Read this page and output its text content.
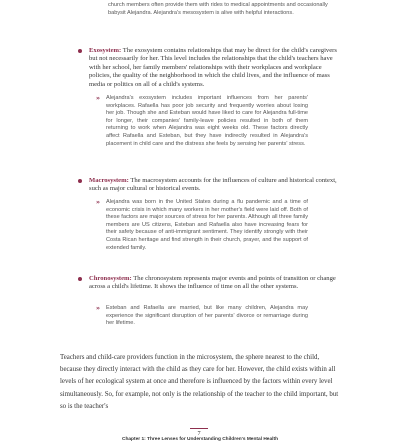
church members often provide them with rides to medical appointments and occasionally babysit Alejandra. Alejandra's mesosystem is alive with helpful interactions.
Exosystem: The exosystem contains relationships that may be direct for the child's caregivers but not necessarily for her. This level includes the relationships that the child's teachers have with her school, her family members' relationships with their workplaces and workplace policies, the quality of the neighborhood in which the child lives, and the influence of mass media or politics on all of a child's systems.
›› Alejandra's exosystem includes important influences from her parents' workplaces. Rafaella has poor job security and frequently worries about losing her job. Though she and Esteban would have liked to care for Alejandra full-time for longer, their companies' family-leave policies resulted in both of them returning to work when Alejandra was eight weeks old. These factors directly affect Rafaella and Esteban, but they have indirectly resulted in Alejandra's placement in child care and the distress she feels by sensing her parents' stress.
Macrosystem: The macrosystem accounts for the influences of culture and historical context, such as major cultural or historical events.
›› Alejandra was born in the United States during a flu pandemic and a time of economic crisis in which many workers in her mother's field were laid off. Both of these factors are major sources of stress for her parents. Although all three family members are US citizens, Esteban and Rafaella also have increasing fears for their safety because of anti-immigrant sentiment. They identify strongly with their Costa Rican heritage and find strength in their church, prayer, and the support of extended family.
Chronosystem: The chronosystem represents major events and points of transition or change across a child's lifetime. It shows the influence of time on all the other systems.
›› Esteban and Rafaella are married, but like many children, Alejandra may experience the significant disruption of her parents' divorce or remarriage during her lifetime.
Teachers and child-care providers function in the microsystem, the sphere nearest to the child, because they directly interact with the child as they care for her. However, the child exists within all levels of her ecological system at once and therefore is influenced by the factors within every level simultaneously. So, for example, not only is the relationship of the teacher to the child important, but so is the teacher's
7
Chapter 1: Three Lenses for Understanding Children's Mental Health
